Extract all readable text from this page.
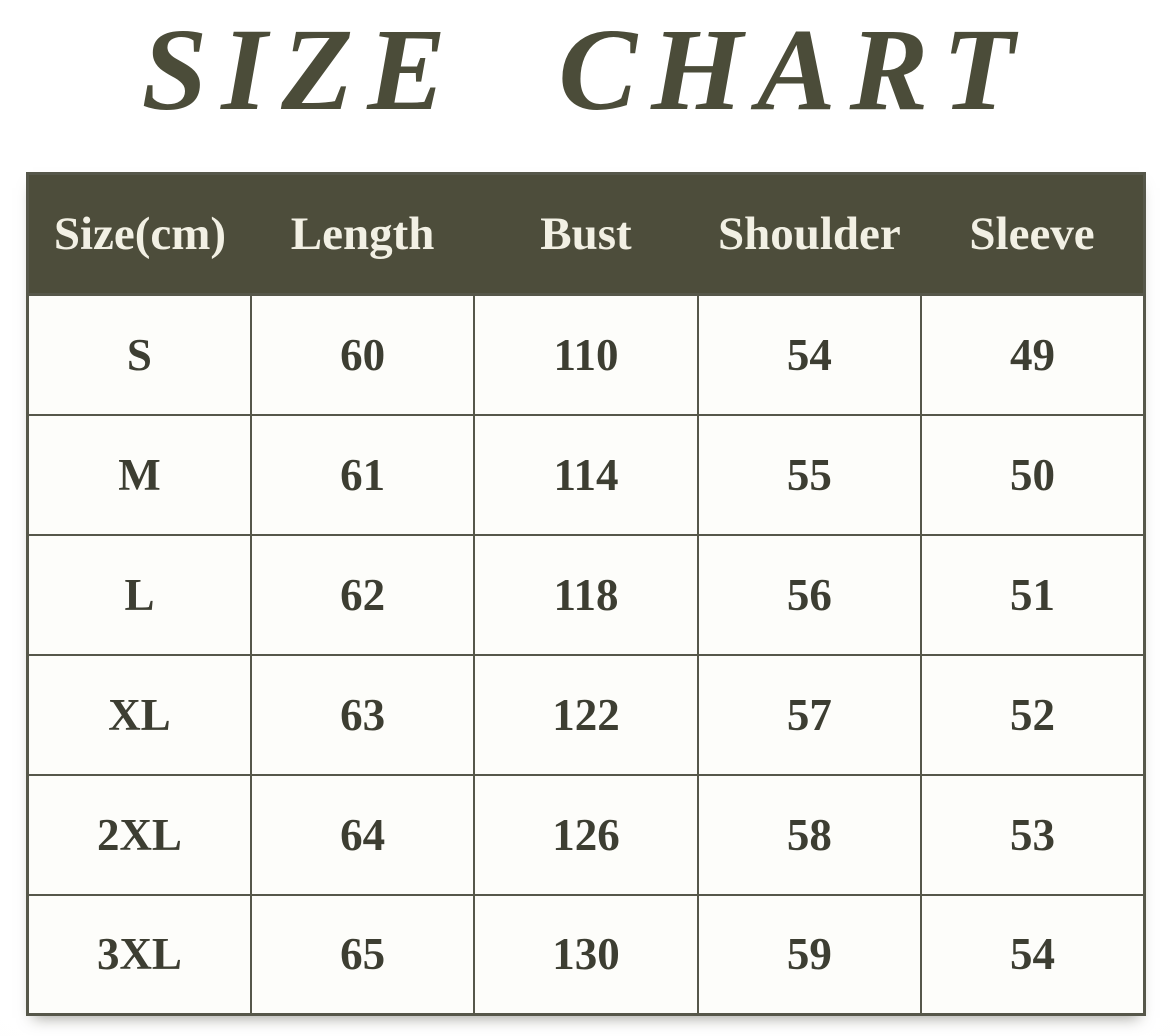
SIZE CHART
Size(cm)	Length	Bust	Shoulder	Sleeve
S	60	110	54	49
M	61	114	55	50
L	62	118	56	51
XL	63	122	57	52
2XL	64	126	58	53
3XL	65	130	59	54
